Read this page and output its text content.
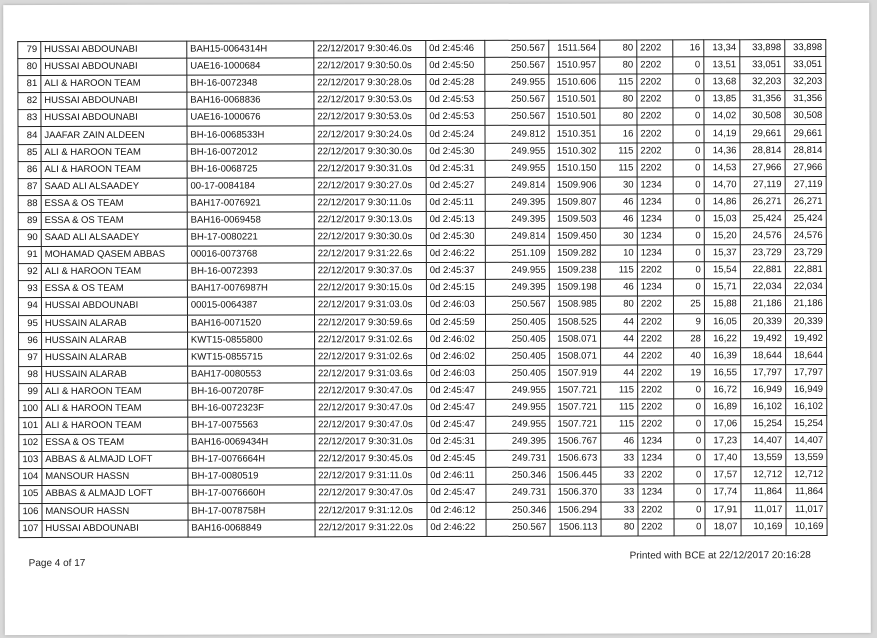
79	HUSSAI ABDOUNABI	BAH15-0064314H	22/12/2017 9:30:46.0s	0d 2:45:46	250.567	1511.564	80	2202	16	13,34	33,898	33,898
80	HUSSAI ABDOUNABI	UAE16-1000684	22/12/2017 9:30:50.0s	0d 2:45:50	250.567	1510.957	80	2202	0	13,51	33,051	33,051
81	ALI & HAROON TEAM	BH-16-0072348	22/12/2017 9:30:28.0s	0d 2:45:28	249.955	1510.606	115	2202	0	13,68	32,203	32,203
82	HUSSAI ABDOUNABI	BAH16-0068836	22/12/2017 9:30:53.0s	0d 2:45:53	250.567	1510.501	80	2202	0	13,85	31,356	31,356
83	HUSSAI ABDOUNABI	UAE16-1000676	22/12/2017 9:30:53.0s	0d 2:45:53	250.567	1510.501	80	2202	0	14,02	30,508	30,508
84	JAAFAR ZAIN ALDEEN	BH-16-0068533H	22/12/2017 9:30:24.0s	0d 2:45:24	249.812	1510.351	16	2202	0	14,19	29,661	29,661
85	ALI & HAROON TEAM	BH-16-0072012	22/12/2017 9:30:30.0s	0d 2:45:30	249.955	1510.302	115	2202	0	14,36	28,814	28,814
86	ALI & HAROON TEAM	BH-16-0068725	22/12/2017 9:30:31.0s	0d 2:45:31	249.955	1510.150	115	2202	0	14,53	27,966	27,966
87	SAAD ALI ALSAADEY	00-17-0084184	22/12/2017 9:30:27.0s	0d 2:45:27	249.814	1509.906	30	1234	0	14,70	27,119	27,119
88	ESSA & OS TEAM	BAH17-0076921	22/12/2017 9:30:11.0s	0d 2:45:11	249.395	1509.807	46	1234	0	14,86	26,271	26,271
89	ESSA & OS TEAM	BAH16-0069458	22/12/2017 9:30:13.0s	0d 2:45:13	249.395	1509.503	46	1234	0	15,03	25,424	25,424
90	SAAD ALI ALSAADEY	BH-17-0080221	22/12/2017 9:30:30.0s	0d 2:45:30	249.814	1509.450	30	1234	0	15,20	24,576	24,576
91	MOHAMAD QASEM ABBAS	00016-0073768	22/12/2017 9:31:22.6s	0d 2:46:22	251.109	1509.282	10	1234	0	15,37	23,729	23,729
92	ALI & HAROON TEAM	BH-16-0072393	22/12/2017 9:30:37.0s	0d 2:45:37	249.955	1509.238	115	2202	0	15,54	22,881	22,881
93	ESSA & OS TEAM	BAH17-0076987H	22/12/2017 9:30:15.0s	0d 2:45:15	249.395	1509.198	46	1234	0	15,71	22,034	22,034
94	HUSSAI ABDOUNABI	00015-0064387	22/12/2017 9:31:03.0s	0d 2:46:03	250.567	1508.985	80	2202	25	15,88	21,186	21,186
95	HUSSAIN ALARAB	BAH16-0071520	22/12/2017 9:30:59.6s	0d 2:45:59	250.405	1508.525	44	2202	9	16,05	20,339	20,339
96	HUSSAIN ALARAB	KWT15-0855800	22/12/2017 9:31:02.6s	0d 2:46:02	250.405	1508.071	44	2202	28	16,22	19,492	19,492
97	HUSSAIN ALARAB	KWT15-0855715	22/12/2017 9:31:02.6s	0d 2:46:02	250.405	1508.071	44	2202	40	16,39	18,644	18,644
98	HUSSAIN ALARAB	BAH17-0080553	22/12/2017 9:31:03.6s	0d 2:46:03	250.405	1507.919	44	2202	19	16,55	17,797	17,797
99	ALI & HAROON TEAM	BH-16-0072078F	22/12/2017 9:30:47.0s	0d 2:45:47	249.955	1507.721	115	2202	0	16,72	16,949	16,949
100	ALI & HAROON TEAM	BH-16-0072323F	22/12/2017 9:30:47.0s	0d 2:45:47	249.955	1507.721	115	2202	0	16,89	16,102	16,102
101	ALI & HAROON TEAM	BH-17-0075563	22/12/2017 9:30:47.0s	0d 2:45:47	249.955	1507.721	115	2202	0	17,06	15,254	15,254
102	ESSA & OS TEAM	BAH16-0069434H	22/12/2017 9:30:31.0s	0d 2:45:31	249.395	1506.767	46	1234	0	17,23	14,407	14,407
103	ABBAS & ALMAJD LOFT	BH-17-0076664H	22/12/2017 9:30:45.0s	0d 2:45:45	249.731	1506.673	33	1234	0	17,40	13,559	13,559
104	MANSOUR HASSN	BH-17-0080519	22/12/2017 9:31:11.0s	0d 2:46:11	250.346	1506.445	33	2202	0	17,57	12,712	12,712
105	ABBAS & ALMAJD LOFT	BH-17-0076660H	22/12/2017 9:30:47.0s	0d 2:45:47	249.731	1506.370	33	1234	0	17,74	11,864	11,864
106	MANSOUR HASSN	BH-17-0078758H	22/12/2017 9:31:12.0s	0d 2:46:12	250.346	1506.294	33	2202	0	17,91	11,017	11,017
107	HUSSAI ABDOUNABI	BAH16-0068849	22/12/2017 9:31:22.0s	0d 2:46:22	250.567	1506.113	80	2202	0	18,07	10,169	10,169
Page 4 of 17
Printed with BCE at 22/12/2017 20:16:28
